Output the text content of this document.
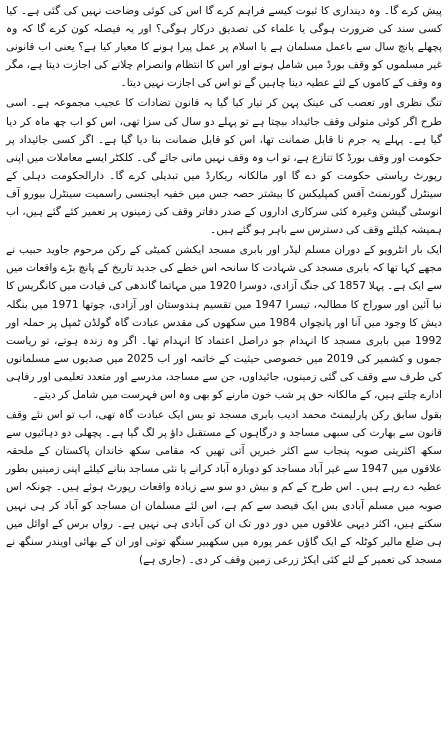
پیش کرے گا۔ وہ دینداری کا ثبوت کیسے فراہم کرے گا اس کی کوئی وضاحت نہیں کی گئی ہے۔ کیا کسی سند کی ضرورت ہوگی یا علماء کی تصدیق درکار ہوگی؟ اور یہ فیصلہ کون کرے گا کہ وہ پچھلے پانچ سال سے باعمل مسلمان ہے یا اسلام پر عمل پیرا ہونے کا معیار کیا ہے؟ یعنی اب قانونی غیر مسلموں کو وقف بورڈ میں شامل ہونے اور اس کا انتظام وانصرام چلانے کی اجازت دیتا ہے، مگر وہ وقف کے کاموں کے لئے عطیہ دینا چاہیں گے تو اس کی اجازت نہیں دیتا۔

تنگ نظری اور تعصب کی عینک پہن کر تیار کیا گیا یہ قانون تضادات کا عجیب مجموعہ ہے۔ اسی طرح اگر کوئی متولی وقف جائیداد بیچتا ہے تو پہلے دو سال کی سزا تھی، اس کو اب چھ ماہ کر دیا گیا ہے۔ پہلے یہ جرم نا قابل ضمانت تھا، اس کو قابل ضمانت بنا دیا گیا ہے۔ اگر کسی جائیداد پر حکومت اور وقف بورڈ کا تنازع ہے، تو اب وہ وقف نہیں مانی جائے گی۔ کلکٹر ایسے معاملات میں اپنی رپورٹ ریاستی حکومت کو دے گا اور مالکانہ ریکارڈ میں تبدیلی کرے گا۔ دارالحکومت دہلی کے سینٹرل گورنمنٹ آفس کمپلیکس کا بیشتر حصہ جس میں خفیہ ایجنسی راسمیت سینٹرل بیورو آف انوسٹی گیشن وغیرہ کئی سرکاری اداروں کے صدر دفاتر وقف کی زمینوں پر تعمیر کئے گئے ہیں، اب ہمیشہ کیلئے وقف کی دسترس سے باہر ہو گئے ہیں۔

ایک بار انٹرویو کے دوران مسلم لیڈر اور بابری مسجد ایکشن کمیٹی کے رکن مرحوم جاوید حبیب نے مجھے کہا تھا کہ بابری مسجد کی شہادت کا سانحہ اس خطے کی جدید تاریخ کے پانچ بڑے واقعات میں سے ایک ہے۔ پہلا 1857 کی جنگ آزادی، دوسرا 1920 میں مہاتما گاندھی کی قیادت میں کانگریس کا نیا آئین اور سوراج کا مطالبہ، تیسرا 1947 میں تقسیم ہندوستان اور آزادی، چوتھا 1971 میں بنگلہ دیش کا وجود میں آنا اور پانچواں 1984 میں سکھوں کی مقدس عبادت گاہ گولڈن ٹمپل پر حملہ اور 1992 میں بابری مسجد کا انہدام جو دراصل اعتماد کا انہدام تھا۔ اگر وہ زندہ ہوتے، تو ریاست جموں و کشمیر کی 2019 میں خصوصی حیثیت کے خاتمہ اور اب 2025 میں صدیوں سے مسلمانوں کی طرف سے وقف کی گئی زمینوں، جائیداوں، جن سے مساجد، مدرسے اور متعدد تعلیمی اور رفاہی ادارے چلتے ہیں، کے مالکانہ حق پر شب خون مارنے کو بھی وہ اس فہرست میں شامل کر دیتے۔

بقول سابق رکن پارلیمنٹ محمد ادیب بابری مسجد تو بس ایک عبادت گاہ تھی، اب تو اس نئے وقف قانون سے بھارت کی سبھی مساجد و درگاہوں کے مستقبل داؤ پر لگ گیا ہے۔ پچھلی دو دہائیوں سے سکھ اکثریتی صوبہ پنجاب سے اکثر خبریں آتی تھیں کہ مقامی سکھ خاندان پاکستان کے ملحقہ علاقوں میں 1947 سے غیر آباد مساجد کو دوبارہ آباد کرانے یا نئی مساجد بنانے کیلئے اپنی زمینیں بطور عطیہ دے رہے ہیں۔ اس طرح کے کم و بیش دو سو سے زیادہ واقعات رپورٹ ہوئے ہیں۔ چونکہ اس صوبہ میں مسلم آبادی بس ایک فیصد سے کم ہے، اس لئے مسلمان ان مساجد کو آباد کر ہی نہیں سکتے ہیں، اکثر دیہی علاقوں میں دور دور تک ان کی آبادی ہی نہیں ہے۔ رواں برس کے اوائل میں ہی ضلع مالیر کوٹلہ کے ایک گاؤں عمر پورہ میں سکھبیر سنگھ توتی اور ان کے بھائی اویندر سنگھ نے مسجد کی تعمیر کے لئے کئی ایکڑ زرعی زمین وقف کر دی۔ (جاری ہے)
